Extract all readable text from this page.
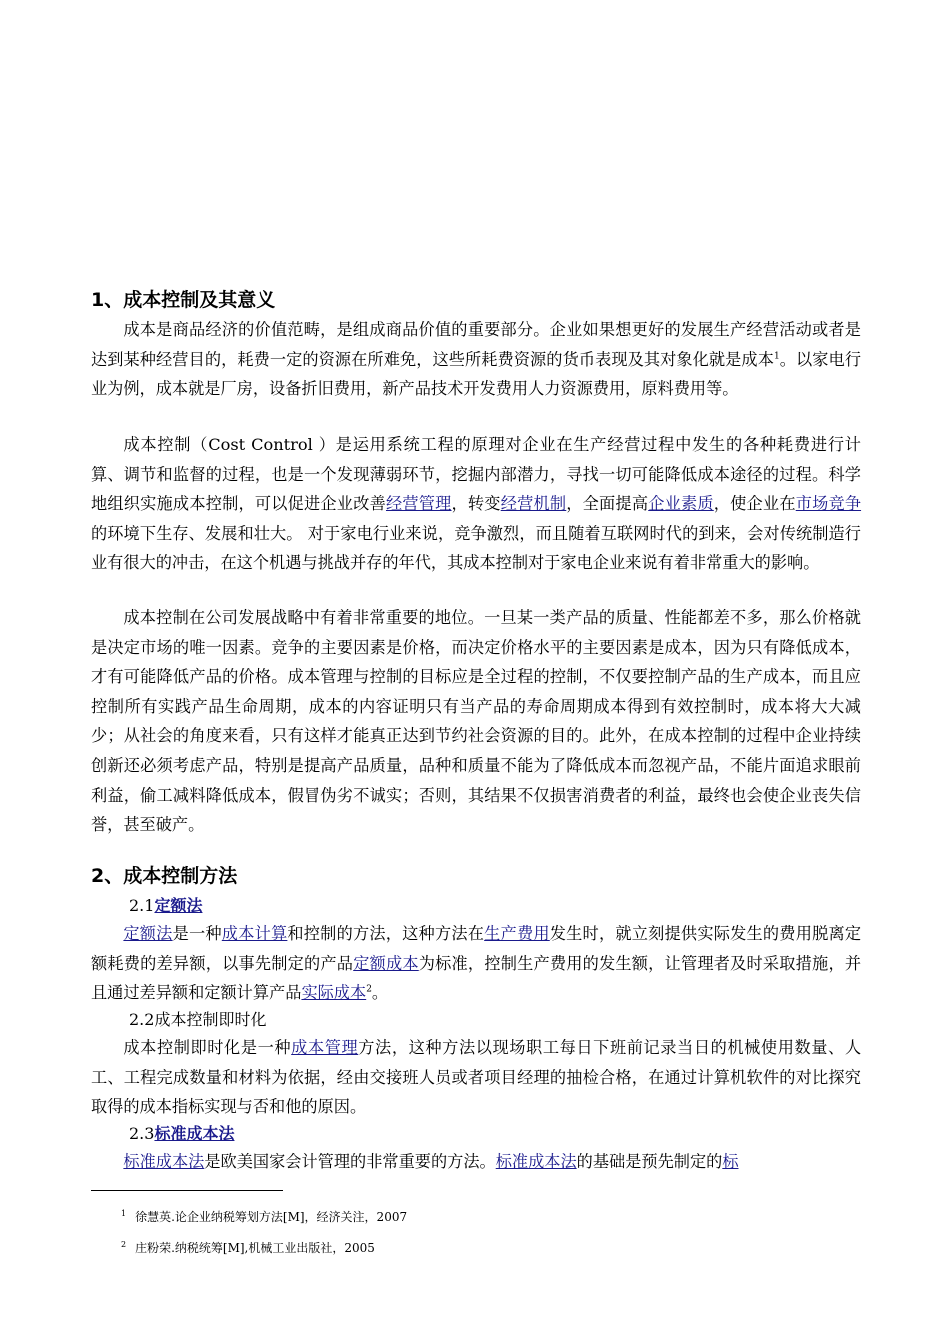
1、成本控制及其意义

成本是商品经济的价值范畴，是组成商品价值的重要部分。企业如果想更好的发展生产经营活动或者是达到某种经营目的，耗费一定的资源在所难免，这些所耗费资源的货币表现及其对象化就是成本$^1$。以家电行业为例，成本就是厂房，设备折旧费用，新产品技术开发费用人力资源费用，原料费用等。

成本控制（Cost Control ）是运用系统工程的原理对企业在生产经营过程中发生的各种耗费进行计算、调节和监督的过程，也是一个发现薄弱环节，挖掘内部潜力，寻找一切可能降低成本途径的过程。科学地组织实施成本控制，可以促进企业改善经营管理，转变经营机制，全面提高企业素质，使企业在市场竞争的环境下生存、发展和壮大。 对于家电行业来说，竞争激烈，而且随着互联网时代的到来，会对传统制造行业有很大的冲击，在这个机遇与挑战并存的年代，其成本控制对于家电企业来说有着非常重大的影响。

成本控制在公司发展战略中有着非常重要的地位。一旦某一类产品的质量、性能都差不多，那么价格就是决定市场的唯一因素。竞争的主要因素是价格，而决定价格水平的主要因素是成本，因为只有降低成本，才有可能降低产品的价格。成本管理与控制的目标应是全过程的控制，不仅要控制产品的生产成本，而且应控制所有实践产品生命周期，成本的内容证明只有当产品的寿命周期成本得到有效控制时，成本将大大减少；从社会的角度来看，只有这样才能真正达到节约社会资源的目的。此外，在成本控制的过程中企业持续创新还必须考虑产品，特别是提高产品质量，品种和质量不能为了降低成本而忽视产品，不能片面追求眼前利益，偷工减料降低成本，假冒伪劣不诚实；否则，其结果不仅损害消费者的利益，最终也会使企业丧失信誉，甚至破产。

2、成本控制方法
2.1定额法

定额法是一种成本计算和控制的方法，这种方法在生产费用发生时，就立刻提供实际发生的费用脱离定额耗费的差异额，以事先制定的产品定额成本为标准，控制生产费用的发生额，让管理者及时采取措施，并且通过差异额和定额计算产品实际成本$^2$。

2.2成本控制即时化

成本控制即时化是一种成本管理方法，这种方法以现场职工每日下班前记录当日的机械使用数量、人工、工程完成数量和材料为依据，经由交接班人员或者项目经理的抽检合格，在通过计算机软件的对比探究取得的成本指标实现与否和他的原因。

2.3标准成本法

标准成本法是欧美国家会计管理的非常重要的方法。标准成本法的基础是预先制定的标

$^1$ 徐慧英.论企业纳税筹划方法[M]，经济关注，2007
$^2$ 庄粉荣.纳税统筹[M],机械工业出版社，2005
